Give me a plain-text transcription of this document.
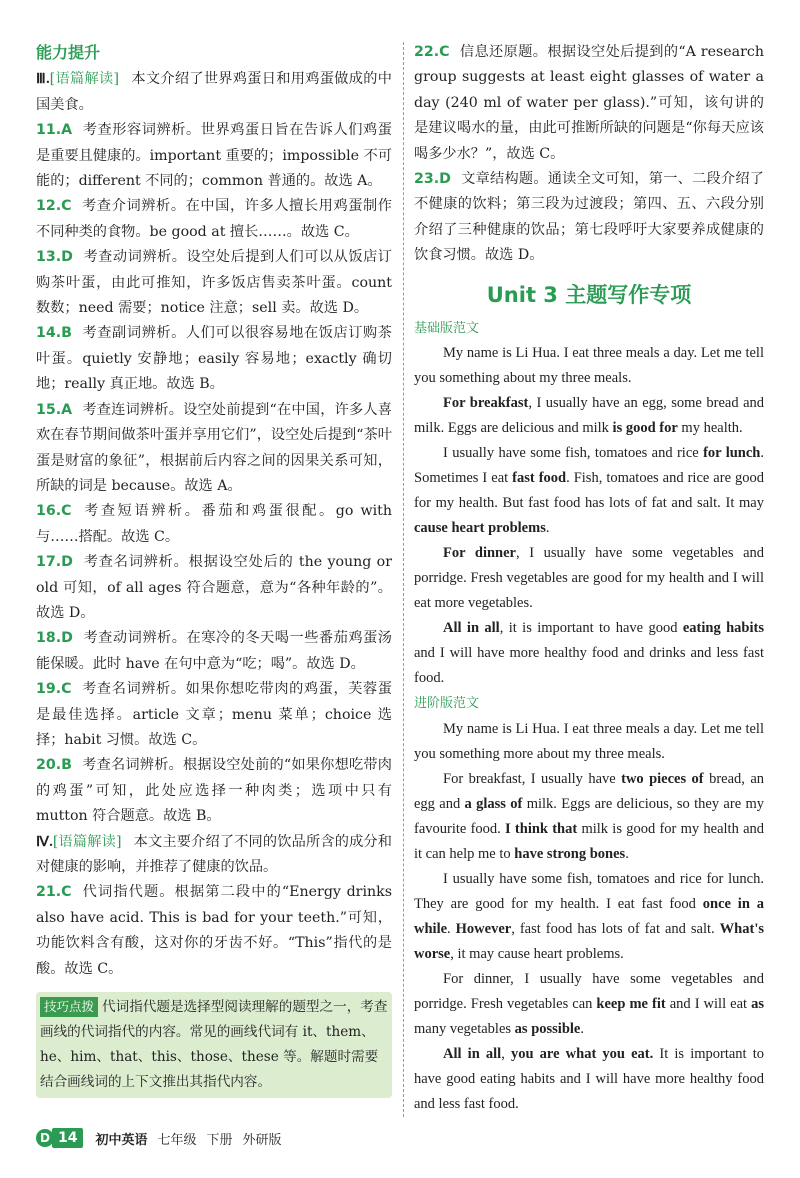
能力提升

Ⅲ.[语篇解读] 本文介绍了世界鸡蛋日和用鸡蛋做成的中国美食。

11.A 考查形容词辨析。世界鸡蛋日旨在告诉人们鸡蛋是重要且健康的。important 重要的；impossible 不可能的；different 不同的；common 普通的。故选 A。

12.C 考查介词辨析。在中国，许多人擅长用鸡蛋制作不同种类的食物。be good at 擅长……。故选 C。

13.D 考查动词辨析。设空处后提到人们可以从饭店订购茶叶蛋，由此可推知，许多饭店售卖茶叶蛋。count 数数；need 需要；notice 注意；sell 卖。故选 D。

14.B 考查副词辨析。人们可以很容易地在饭店订购茶叶蛋。quietly 安静地；easily 容易地；exactly 确切地；really 真正地。故选 B。

15.A 考查连词辨析。设空处前提到“在中国，许多人喜欢在春节期间做茶叶蛋并享用它们”，设空处后提到“茶叶蛋是财富的象征”，根据前后内容之间的因果关系可知，所缺的词是 because。故选 A。

16.C 考查短语辨析。番茄和鸡蛋很配。go with 与……搭配。故选 C。

17.D 考查名词辨析。根据设空处后的 the young or old 可知，of all ages 符合题意，意为“各种年龄的”。故选 D。

18.D 考查动词辨析。在寒冷的冬天喝一些番茄鸡蛋汤能保暖。此时 have 在句中意为“吃；喝”。故选 D。

19.C 考查名词辨析。如果你想吃带肉的鸡蛋，芙蓉蛋是最佳选择。article 文章；menu 菜单；choice 选择；habit 习惯。故选 C。

20.B 考查名词辨析。根据设空处前的“如果你想吃带肉的鸡蛋”可知，此处应选择一种肉类；选项中只有 mutton 符合题意。故选 B。

Ⅳ.[语篇解读] 本文主要介绍了不同的饮品所含的成分和对健康的影响，并推荐了健康的饮品。

21.C 代词指代题。根据第二段中的“Energy drinks also have acid. This is bad for your teeth.”可知，功能饮料含有酸，这对你的牙齿不好。“This”指代的是酸。故选 C。

技巧点拨 代词指代题是选择型阅读理解的题型之一，考查画线的代词指代的内容。常见的画线代词有 it、them、he、him、that、this、those、these 等。解题时需要结合画线词的上下文推出其指代内容。

22.C 信息还原题。根据设空处后提到的“A research group suggests at least eight glasses of water a day (240 ml of water per glass).”可知，该句讲的是建议喝水的量，由此可推断所缺的问题是“你每天应该喝多少水？”，故选 C。

23.D 文章结构题。通读全文可知，第一、二段介绍了不健康的饮料；第三段为过渡段；第四、五、六段分别介绍了三种健康的饮品；第七段呼吁大家要养成健康的饮食习惯。故选 D。

Unit 3 主题写作专项

基础版范文

My name is Li Hua. I eat three meals a day. Let me tell you something about my three meals.

For breakfast, I usually have an egg, some bread and milk. Eggs are delicious and milk is good for my health.

I usually have some fish, tomatoes and rice for lunch. Sometimes I eat fast food. Fish, tomatoes and rice are good for my health. But fast food has lots of fat and salt. It may cause heart problems.

For dinner, I usually have some vegetables and porridge. Fresh vegetables are good for my health and I will eat more vegetables.

All in all, it is important to have good eating habits and I will have more healthy food and drinks and less fast food.

进阶版范文

My name is Li Hua. I eat three meals a day. Let me tell you something more about my three meals.

For breakfast, I usually have two pieces of bread, an egg and a glass of milk. Eggs are delicious, so they are my favourite food. I think that milk is good for my health and it can help me to have strong bones.

I usually have some fish, tomatoes and rice for lunch. They are good for my health. I eat fast food once in a while. However, fast food has lots of fat and salt. What's worse, it may cause heart problems.

For dinner, I usually have some vegetables and porridge. Fresh vegetables can keep me fit and I will eat as many vegetables as possible.

All in all, you are what you eat. It is important to have good eating habits and I will have more healthy food and less fast food.

D 14	初中英语 七年级 下册 外研版
